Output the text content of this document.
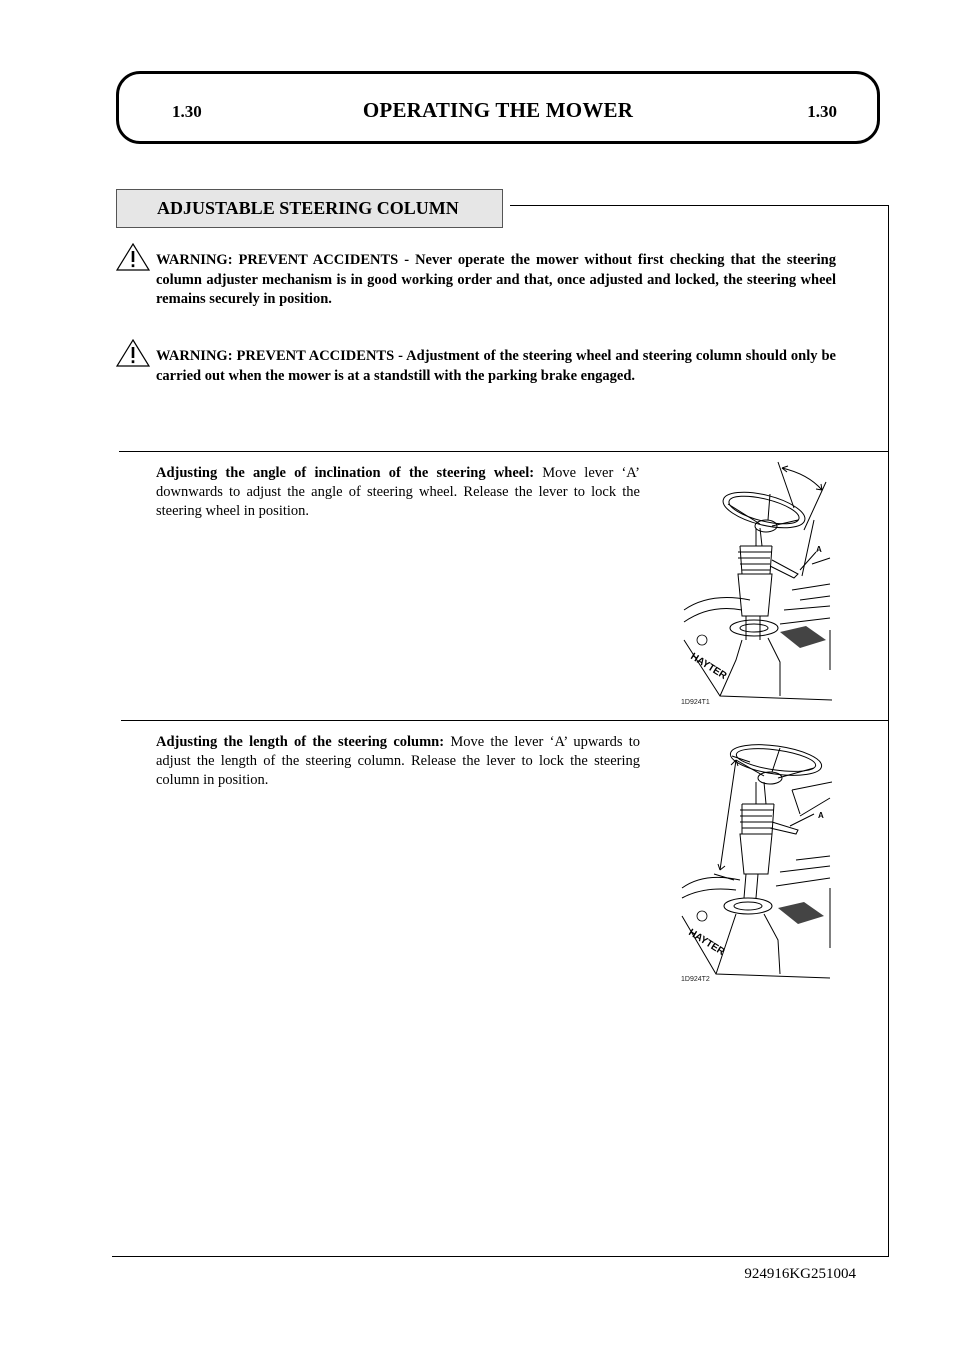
1.30	OPERATING THE MOWER	1.30
ADJUSTABLE STEERING COLUMN
WARNING: PREVENT ACCIDENTS - Never operate the mower without first checking that the steering column adjuster mechanism is in good working order and that, once adjusted and locked, the steering wheel remains securely in position.
WARNING: PREVENT ACCIDENTS - Adjustment of the steering wheel and steering column should only be carried out when the mower is at a standstill with the parking brake engaged.
Adjusting the angle of inclination of the steering wheel: Move lever ‘A’ downwards to adjust the angle of steering wheel. Release the lever to lock the steering wheel in position.
A
HAYTER
1D924T1
Adjusting the length of the steering column: Move the lever ‘A’ upwards to adjust the length of the steering column. Release the lever to lock the steering column in position.
A
HAYTER
1D924T2
924916KG251004
